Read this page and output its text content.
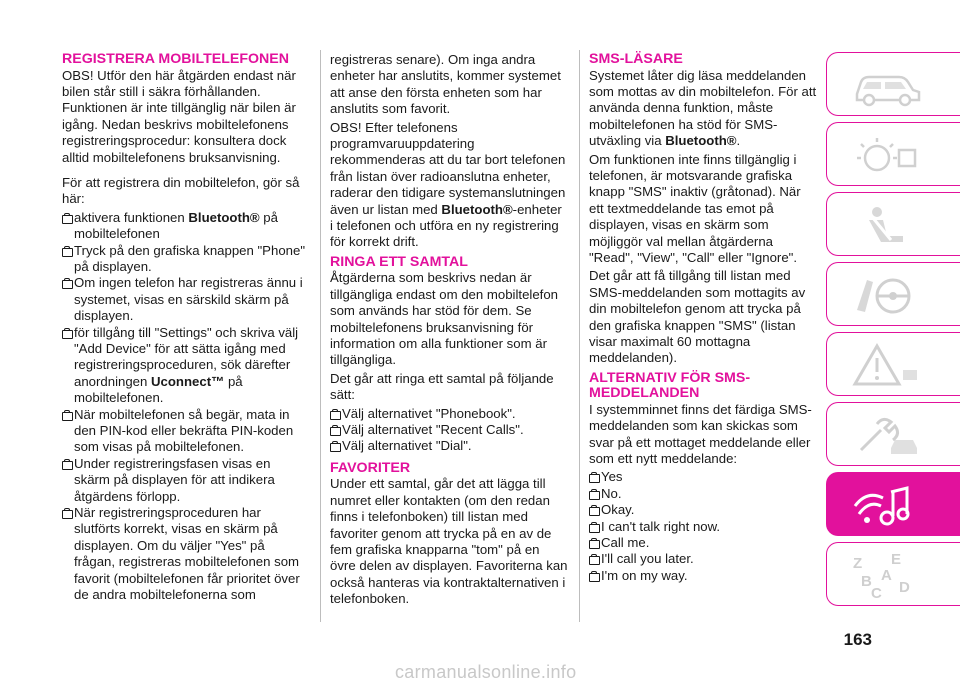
REGISTRERA MOBILTELEFONEN
OBS! Utför den här åtgärden endast när bilen står still i säkra förhållanden. Funktionen är inte tillgänglig när bilen är igång. Nedan beskrivs mobiltelefonens registreringsprocedur: konsultera dock alltid mobiltelefonens bruksanvisning.
För att registrera din mobiltelefon, gör så här:
aktivera funktionen Bluetooth® på mobiltelefonen
Tryck på den grafiska knappen "Phone" på displayen.
Om ingen telefon har registreras ännu i systemet, visas en särskild skärm på displayen.
för tillgång till "Settings" och skriva välj "Add Device" för att sätta igång med registreringsproceduren, sök därefter anordningen Uconnect™ på mobiltelefonen.
När mobiltelefonen så begär, mata in den PIN-kod eller bekräfta PIN-koden som visas på mobiltelefonen.
Under registreringsfasen visas en skärm på displayen för att indikera åtgärdens förlopp.
När registreringsproceduren har slutförts korrekt, visas en skärm på displayen. Om du väljer "Yes" på frågan, registreras mobiltelefonen som favorit (mobiltelefonen får prioritet över de andra mobiltelefonerna som
registreras senare). Om inga andra enheter har anslutits, kommer systemet att anse den första enheten som har anslutits som favorit.
OBS! Efter telefonens programvaruuppdatering rekommenderas att du tar bort telefonen från listan över radioanslutna enheter, raderar den tidigare systemanslutningen även ur listan med Bluetooth®-enheter i telefonen och utföra en ny registrering för korrekt drift.
RINGA ETT SAMTAL
Åtgärderna som beskrivs nedan är tillgängliga endast om den mobiltelefon som används har stöd för dem. Se mobiltelefonens bruksanvisning för information om alla funktioner som är tillgängliga.
Det går att ringa ett samtal på följande sätt:
Välj alternativet "Phonebook".
Välj alternativet "Recent Calls".
Välj alternativet "Dial".
FAVORITER
Under ett samtal, går det att lägga till numret eller kontakten (om den redan finns i telefonboken) till listan med favoriter genom att trycka på en av de fem grafiska knapparna "tom" på en övre delen av displayen. Favoriterna kan också hanteras via kontraktalternativen i telefonboken.
SMS-LÄSARE
Systemet låter dig läsa meddelanden som mottas av din mobiltelefon. För att använda denna funktion, måste mobiltelefonen ha stöd för SMS-utväxling via Bluetooth®.
Om funktionen inte finns tillgänglig i telefonen, är motsvarande grafiska knapp "SMS" inaktiv (gråtonad). När ett textmeddelande tas emot på displayen, visas en skärm som möjliggör val mellan åtgärderna "Read", "View", "Call" eller "Ignore".
Det går att få tillgång till listan med SMS-meddelanden som mottagits av din mobiltelefon genom att trycka på den grafiska knappen "SMS" (listan visar maximalt 60 mottagna meddelanden).
ALTERNATIV FÖR SMS-MEDDELANDEN
I systemminnet finns det färdiga SMS-meddelanden som kan skickas som svar på ett mottaget meddelande eller som ett nytt meddelande:
Yes
No.
Okay.
I can't talk right now.
Call me.
I'll call you later.
I'm on my way.
Z E
B A
C D
163
carmanualsonline.info
